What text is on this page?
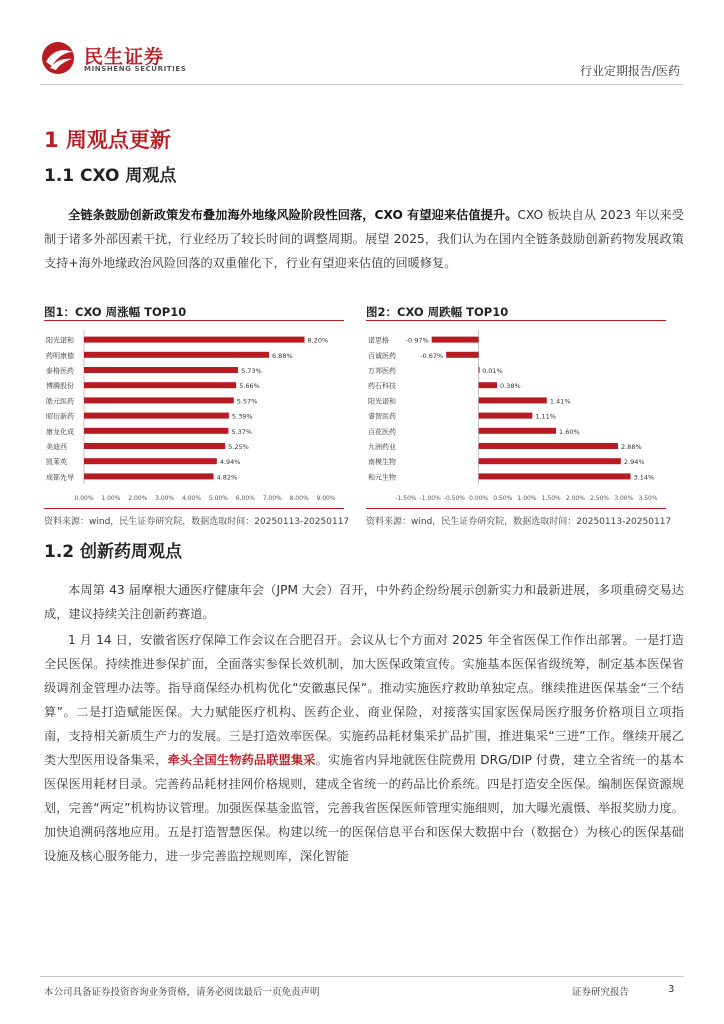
民生证券
MINSHENG SECURITIES	行业定期报告/医药
1 周观点更新
1.1 CXO 周观点
全链条鼓励创新政策发布叠加海外地缘风险阶段性回落，CXO 有望迎来估值提升。CXO 板块自从 2023 年以来受制于诸多外部因素干扰，行业经历了较长时间的调整周期。展望 2025，我们认为在国内全链条鼓励创新药物发展政策支持+海外地缘政治风险回落的双重催化下，行业有望迎来估值的回暖修复。
图1：CXO 周涨幅 TOP10
阳光诺和	8.20%
药明康德	6.88%
泰格医药	5.73%
博腾股份	5.66%
皓元医药	5.57%
昭衍新药	5.39%
康龙化成	5.37%
美迪西	5.25%
凯莱英	4.94%
成都先导	4.82%
0.00% 1.00% 2.00% 3.00% 4.00% 5.00% 6.00% 7.00% 8.00% 9.00%
资料来源：wind，民生证券研究院，数据选取时间：20250113-20250117
图2：CXO 周跌幅 TOP10
诺思格	-0.97%
百诚医药	-0.67%
万邦医药	0.01%
药石科技	0.38%
阳光诺和	1.41%
睿智医药	1.11%
百花医药	1.60%
九洲药业	2.88%
南模生物	2.94%
和元生物	3.14%
-1.50% -1.00% -0.50% 0.00% 0.50% 1.00% 1.50% 2.00% 2.50% 3.00% 3.50%
资料来源：wind，民生证券研究院，数据选取时间：20250113-20250117
1.2 创新药周观点
本周第 43 届摩根大通医疗健康年会（JPM 大会）召开，中外药企纷纷展示创新实力和最新进展，多项重磅交易达成，建议持续关注创新药赛道。
1 月 14 日，安徽省医疗保障工作会议在合肥召开。会议从七个方面对 2025 年全省医保工作作出部署。一是打造全民医保。持续推进参保扩面，全面落实参保长效机制，加大医保政策宣传。实施基本医保省级统筹，制定基本医保省级调剂金管理办法等。指导商保经办机构优化“安徽惠民保”。推动实施医疗救助单独定点。继续推进医保基金“三个结算”。二是打造赋能医保。大力赋能医疗机构、医药企业、商业保险，对接落实国家医保局医疗服务价格项目立项指南，支持相关新质生产力的发展。三是打造效率医保。实施药品耗材集采扩品扩围，推进集采“三进”工作。继续开展乙类大型医用设备集采，牵头全国生物药品联盟集采。实施省内异地就医住院费用 DRG/DIP 付费，建立全省统一的基本医保医用耗材目录。完善药品耗材挂网价格规则，建成全省统一的药品比价系统。四是打造安全医保。编制医保资源规划，完善“两定”机构协议管理。加强医保基金监管，完善我省医保医师管理实施细则，加大曝光震慑、举报奖励力度。加快追溯码落地应用。五是打造智慧医保。构建以统一的医保信息平台和医保大数据中台（数据仓）为核心的医保基础设施及核心服务能力，进一步完善监控规则库，深化智能
本公司具备证券投资咨询业务资格，请务必阅读最后一页免责声明	证券研究报告	3
